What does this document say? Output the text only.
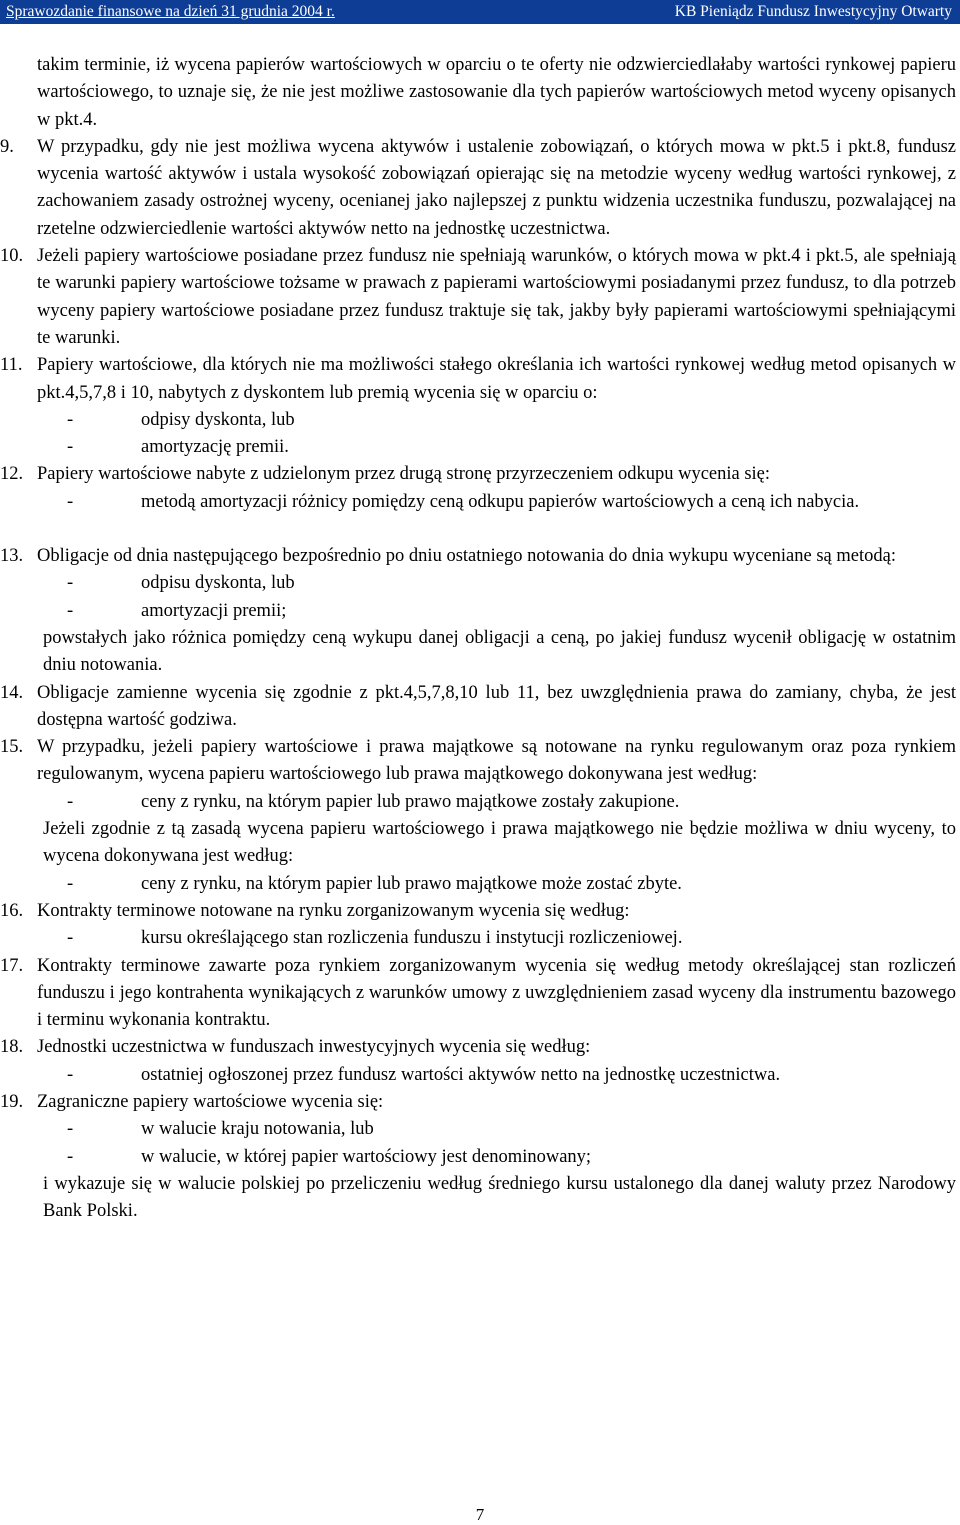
Sprawozdanie finansowe na dzień 31 grudnia 2004 r.	KB Pieniądz Fundusz Inwestycyjny Otwarty

takim terminie, iż wycena papierów wartościowych w oparciu o te oferty nie odzwierciedlałaby wartości rynkowej papieru wartościowego, to uznaje się, że nie jest możliwe zastosowanie dla tych papierów wartościowych metod wyceny opisanych w pkt.4.

9. W przypadku, gdy nie jest możliwa wycena aktywów i ustalenie zobowiązań, o których mowa w pkt.5 i pkt.8, fundusz wycenia wartość aktywów i ustala wysokość zobowiązań opierając się na metodzie wyceny według wartości rynkowej, z zachowaniem zasady ostrożnej wyceny, ocenianej jako najlepszej z punktu widzenia uczestnika funduszu, pozwalającej na rzetelne odzwierciedlenie wartości aktywów netto na jednostkę uczestnictwa.

10. Jeżeli papiery wartościowe posiadane przez fundusz nie spełniają warunków, o których mowa w pkt.4 i pkt.5, ale spełniają te warunki papiery wartościowe tożsame w prawach z papierami wartościowymi posiadanymi przez fundusz, to dla potrzeb wyceny papiery wartościowe posiadane przez fundusz traktuje się tak, jakby były papierami wartościowymi spełniającymi te warunki.

11. Papiery wartościowe, dla których nie ma możliwości stałego określania ich wartości rynkowej według metod opisanych w pkt.4,5,7,8 i 10, nabytych z dyskontem lub premią wycenia się w oparciu o:

-	odpisy dyskonta, lub
-	amortyzację premii.
12. Papiery wartościowe nabyte z udzielonym przez drugą stronę przyrzeczeniem odkupu wycenia się:

-	metodą amortyzacji różnicy pomiędzy ceną odkupu papierów wartościowych a ceną ich nabycia.
13. Obligacje od dnia następującego bezpośrednio po dniu ostatniego notowania do dnia wykupu wyceniane są metodą:

-	odpisu dyskonta, lub
-	amortyzacji premii;

powstałych jako różnica pomiędzy ceną wykupu danej obligacji a ceną, po jakiej fundusz wycenił obligację w ostatnim dniu notowania.

14. Obligacje zamienne wycenia się zgodnie z pkt.4,5,7,8,10 lub 11, bez uwzględnienia prawa do zamiany, chyba, że jest dostępna wartość godziwa.

15. W przypadku, jeżeli papiery wartościowe i prawa majątkowe są notowane na rynku regulowanym oraz poza rynkiem regulowanym, wycena papieru wartościowego lub prawa majątkowego dokonywana jest według:

-	ceny z rynku, na którym papier lub prawo majątkowe zostały zakupione.

Jeżeli zgodnie z tą zasadą wycena papieru wartościowego i prawa majątkowego nie będzie możliwa w dniu wyceny, to wycena dokonywana jest według:

-	ceny z rynku, na którym papier lub prawo majątkowe może zostać zbyte.
16. Kontrakty terminowe notowane na rynku zorganizowanym wycenia się według:

-	kursu określającego stan rozliczenia funduszu i instytucji rozliczeniowej.
17. Kontrakty terminowe zawarte poza rynkiem zorganizowanym wycenia się według metody określającej stan rozliczeń funduszu i jego kontrahenta wynikających z warunków umowy z uwzględnieniem zasad wyceny dla instrumentu bazowego i terminu wykonania kontraktu.

18. Jednostki uczestnictwa w funduszach inwestycyjnych wycenia się według:

-	ostatniej ogłoszonej przez fundusz wartości aktywów netto na jednostkę uczestnictwa.
19. Zagraniczne papiery wartościowe wycenia się:

-	w walucie kraju notowania, lub
-	w walucie, w której papier wartościowy jest denominowany;

i wykazuje się w walucie polskiej po przeliczeniu według średniego kursu ustalonego dla danej waluty przez Narodowy Bank Polski.

7
